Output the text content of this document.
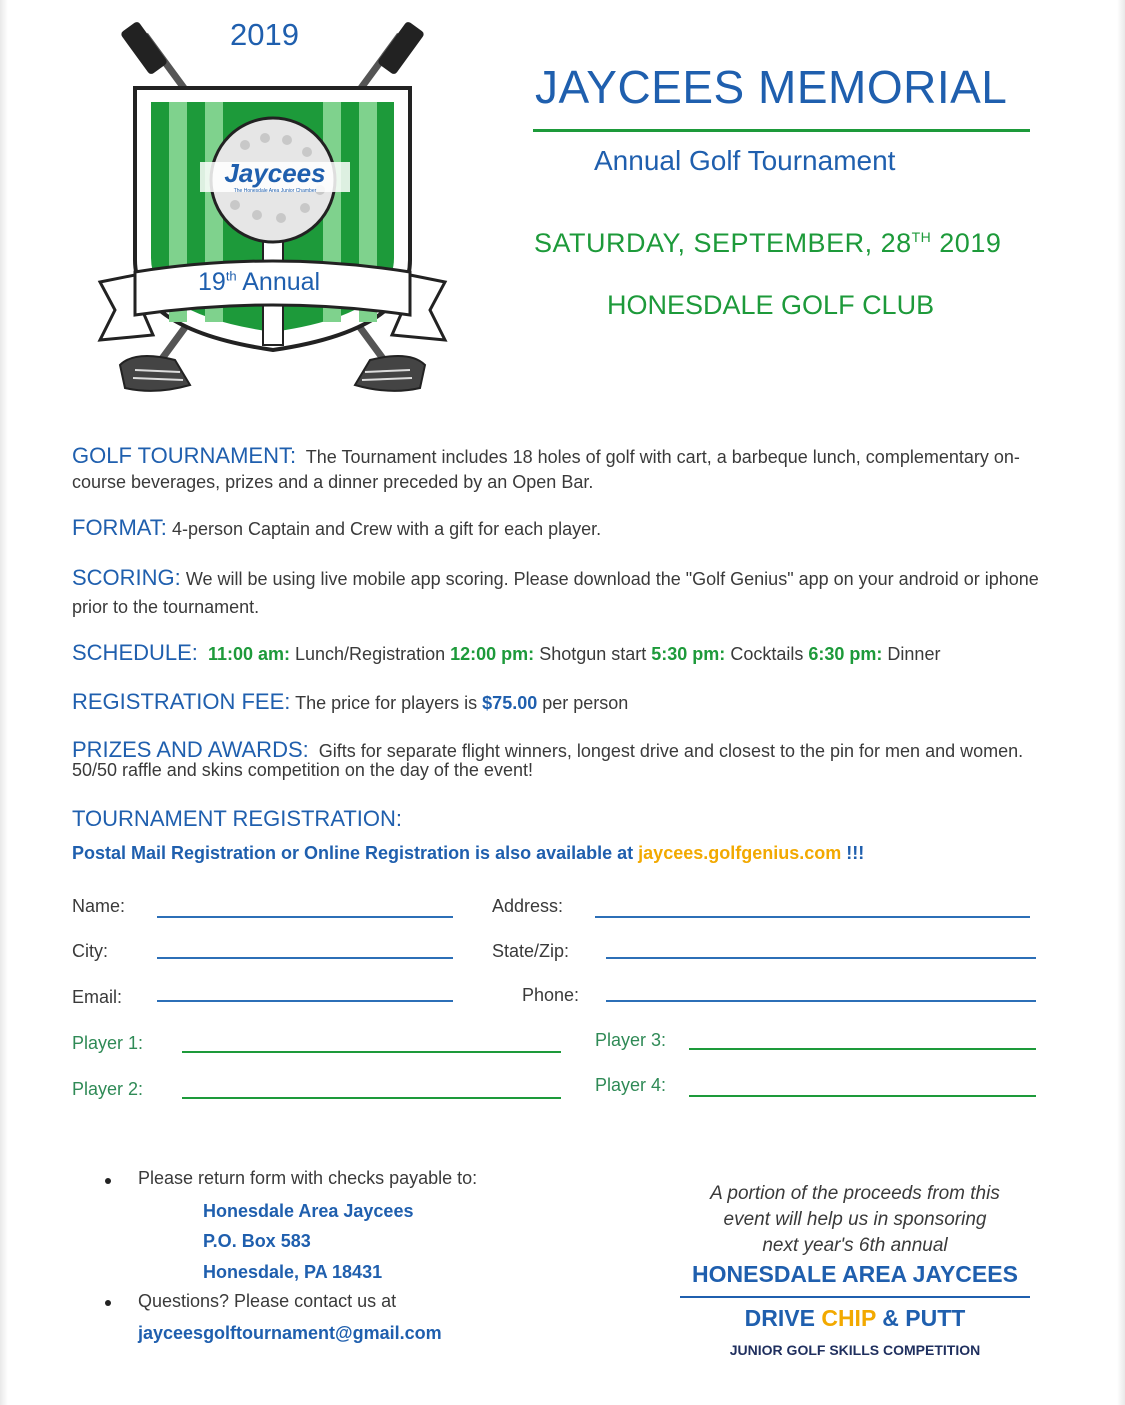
Jaycees
The Honesdale Area Junior Chamber
2019
19th Annual
JAYCEES MEMORIAL
Annual Golf Tournament
SATURDAY, SEPTEMBER, 28TH 2019
HONESDALE GOLF CLUB
GOLF TOURNAMENT: The Tournament includes 18 holes of golf with cart, a barbeque lunch, complementary on-course beverages, prizes and a dinner preceded by an Open Bar.
FORMAT: 4-person Captain and Crew with a gift for each player.
SCORING: We will be using live mobile app scoring. Please download the "Golf Genius" app on your android or iphone prior to the tournament.
SCHEDULE: 11:00 am: Lunch/Registration 12:00 pm: Shotgun start 5:30 pm: Cocktails 6:30 pm: Dinner
REGISTRATION FEE: The price for players is $75.00 per person
PRIZES AND AWARDS: Gifts for separate flight winners, longest drive and closest to the pin for men and women. 50/50 raffle and skins competition on the day of the event!
TOURNAMENT REGISTRATION:
Postal Mail Registration or Online Registration is also available at jaycees.golfgenius.com !!!
Name:	Address:
City:	State/Zip:
Email:	Phone:
Player 1:	Player 3:
Player 2:	Player 4:
Please return form with checks payable to:
Honesdale Area Jaycees
P.O. Box 583
Honesdale, PA 18431
Questions? Please contact us at
jayceesgolftournament@gmail.com
A portion of the proceeds from this
event will help us in sponsoring
next year's 6th annual
HONESDALE AREA JAYCEES
DRIVE CHIP & PUTT
JUNIOR GOLF SKILLS COMPETITION
